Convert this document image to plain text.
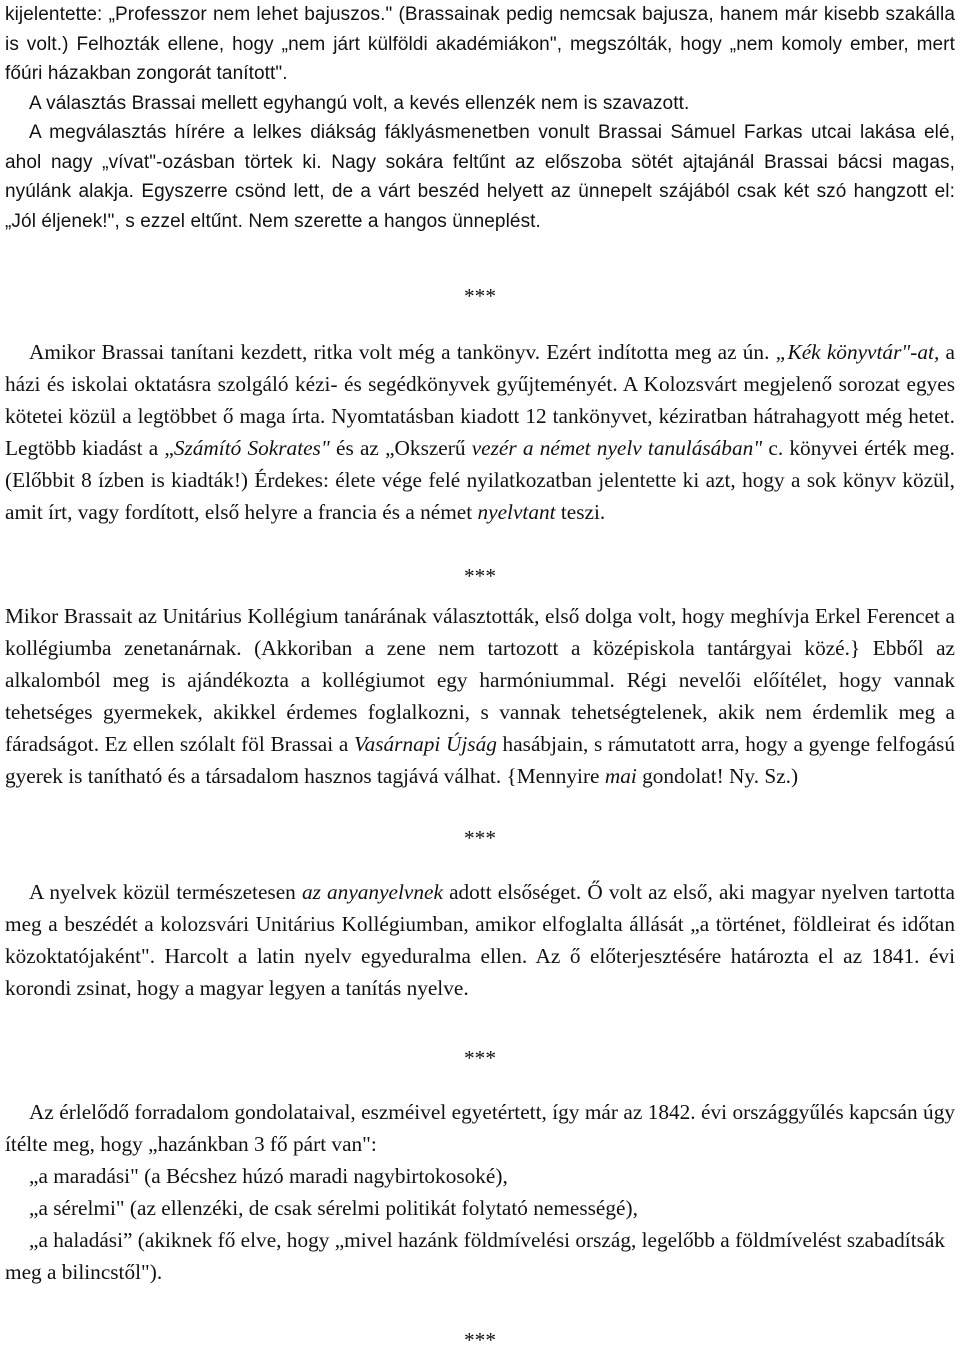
kijelentette: „Professzor nem lehet bajuszos." (Brassainak pedig nemcsak bajusza, hanem már kisebb szakálla is volt.) Felhozták ellene, hogy „nem járt külföldi akadémiákon", megszólták, hogy „nem komoly ember, mert főúri házakban zongorát tanított".

A választás Brassai mellett egyhangú volt, a kevés ellenzék nem is szavazott.

A megválasztás hírére a lelkes diákság fáklyásmenetben vonult Brassai Sámuel Farkas utcai lakása elé, ahol nagy „vívat"-ozásban törtek ki. Nagy sokára feltűnt az előszoba sötét ajtajánál Brassai bácsi magas, nyúlánk alakja. Egyszerre csönd lett, de a várt beszéd helyett az ünnepelt szájából csak két szó hangzott el: „Jól éljenek!", s ezzel eltűnt. Nem szerette a hangos ünneplést.

***

Amikor Brassai tanítani kezdett, ritka volt még a tankönyv. Ezért indította meg az ún. „Kék könyvtár"-at, a házi és iskolai oktatásra szolgáló kézi- és segédkönyvek gyűjteményét. A Kolozsvárt megjelenő sorozat egyes kötetei közül a legtöbbet ő maga írta. Nyomtatásban kiadott 12 tankönyvet, kéziratban hátrahagyott még hetet. Legtöbb kiadást a „Számító Sokrates" és az „Okszerű vezér a német nyelv tanulásában" c. könyvei érték meg. (Előbbit 8 ízben is kiadták!) Érdekes: élete vége felé nyilatkozatban jelentette ki azt, hogy a sok könyv közül, amit írt, vagy fordított, első helyre a francia és a német nyelvtant teszi.

***

Mikor Brassait az Unitárius Kollégium tanárának választották, első dolga volt, hogy meghívja Erkel Ferencet a kollégiumba zenetanárnak. (Akkoriban a zene nem tartozott a középiskola tantárgyai közé.} Ebből az alkalomból meg is ajándékozta a kollégiumot egy harmóniummal. Régi nevelői előítélet, hogy vannak tehetséges gyermekek, akikkel érdemes foglalkozni, s vannak tehetségtelenek, akik nem érdemlik meg a fáradságot. Ez ellen szólalt föl Brassai a Vasárnapi Újság hasábjain, s rámutatott arra, hogy a gyenge felfogású gyerek is tanítható és a társadalom hasznos tagjává válhat. {Mennyire mai gondolat! Ny. Sz.)

***

A nyelvek közül természetesen az anyanyelvnek adott elsőséget. Ő volt az első, aki magyar nyelven tartotta meg a beszédét a kolozsvári Unitárius Kollégiumban, amikor elfoglalta állását „a történet, földleirat és időtan közoktatójaként". Harcolt a latin nyelv egyeduralma ellen. Az ő előterjesztésére határozta el az 1841. évi korondi zsinat, hogy a magyar legyen a tanítás nyelve.

***

Az érlelődő forradalom gondolataival, eszméivel egyetértett, így már az 1842. évi országgyűlés kapcsán úgy ítélte meg, hogy „hazánkban 3 fő párt van":

„a maradási" (a Bécshez húzó maradi nagybirtokosoké),

„a sérelmi" (az ellenzéki, de csak sérelmi politikát folytató nemességé),

„a haladási” (akiknek fő elve, hogy „mivel hazánk földmívelési ország, legelőbb a földmívelést szabadítsák meg a bilincstől").

***
